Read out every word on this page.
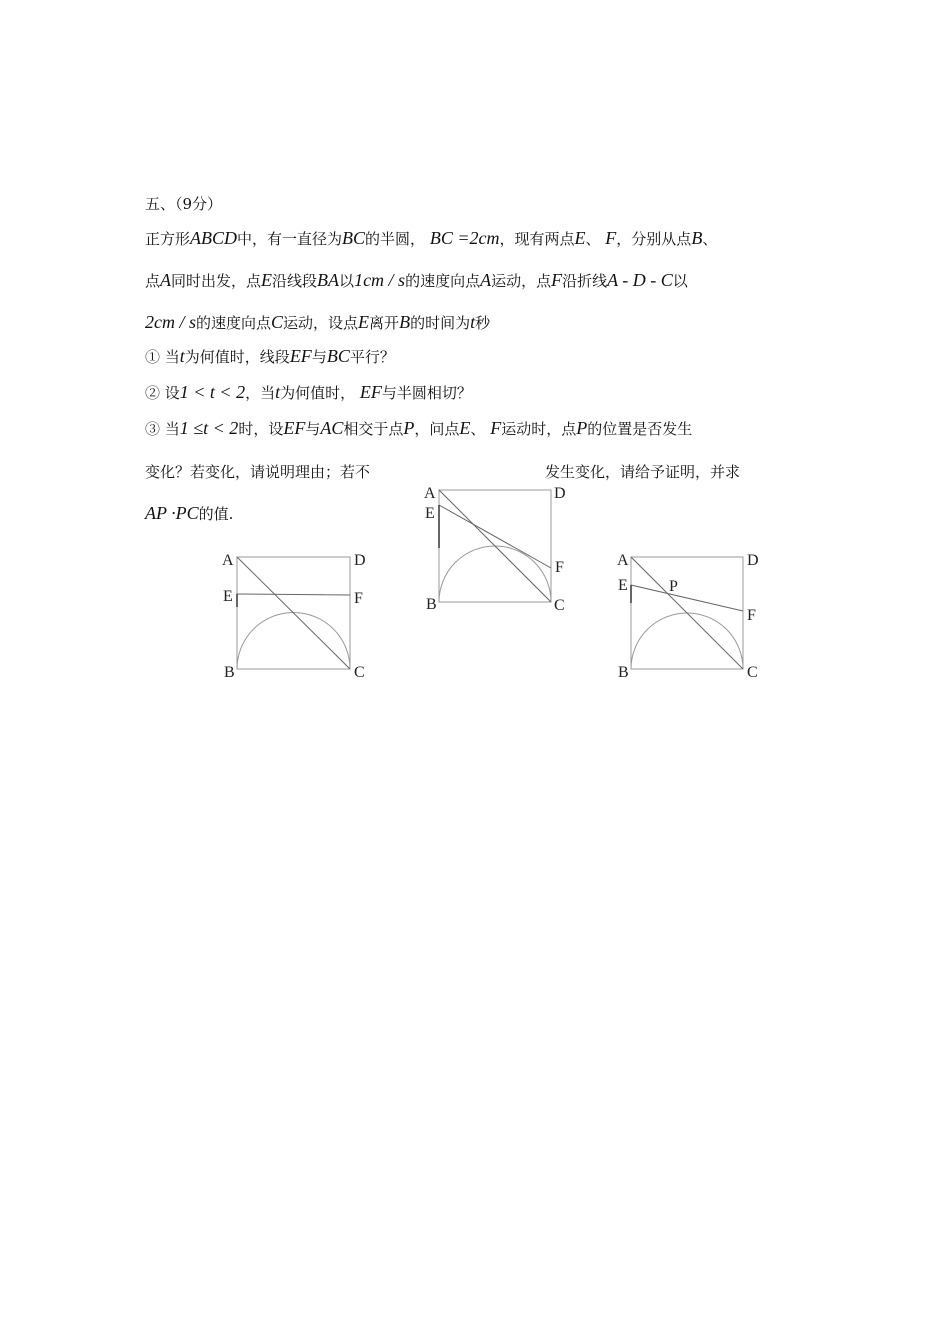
五、（9分）
正方形ABCD中，有一直径为BC的半圆， BC =2cm，现有两点E、 F，分别从点B、
点A同时出发，点E沿线段BA以1cm / s的速度向点A运动，点F沿折线A - D - C以
2cm / s的速度向点C运动，设点E离开B的时间为t秒
① 当t为何值时，线段EF与BC平行？
② 设1 < t < 2，当t为何值时， EF与半圆相切？
③ 当1 ≤t < 2时，设EF与AC相交于点P，问点E、 F运动时，点P的位置是否发生
变化？若变化，请说明理由；若不	发生变化，请给予证明，并求
AP ·PC的值.
A	D
E	F
B	C
A	D
E
F
B	C
A	D
E	P
F
B	C
